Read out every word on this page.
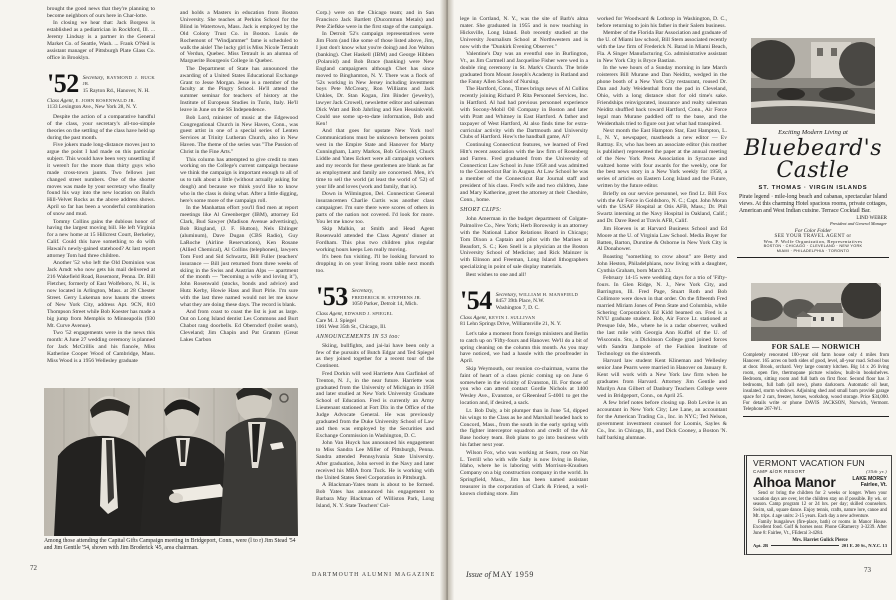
brought the good news that they're planning to become neighbors of ours here in Char-lotte.

In closing we hear that: Jack Borgess is established as a pediatrician in Rockford, Ill. ... Jeremy Lindsay is a partner in the General Market Co. of Seattle, Wash. ... Frank O'Neil is assistant manager of Pittsburgh Plate Glass Co. office in Brooklyn.

'52 Secretary, RAYMOND J. BUCK JR.
15 Rayton Rd., Hanover, N. H.
Class Agent, E. JOHN ROSENWALD JR.
1133 Lexington Ave., New York 28, N. Y.

Despite the action of a comparative handful of the class, your secretary's all-too-simple theories on the settling of the class have held up during the past month.

Five jokers made long-distance moves just to argue the point I had made on this particular subject. This would have been very unsettling if it weren't for the more than thirty guys who made cross-town jaunts. Two fellows just changed street numbers. One of the shorter moves was made by your secretary who finally found his way into the new location on Balch Hill-Velvet Rocks as the above address shows. April so far has been a wonderful combination of snow and mud.

Tommy Collins gains the dubious honor of having the largest moving bill. He left Virginia for a new home at 15 Hillcrest Court, Berkeley, Calif. Could this have something to do with Hawaii's newly-gained statehood? At last report attorney Tom had three children.

Another '52 who left the Old Dominion was Jack Arndt who now gets his mail delivered at 216 Wakefield Road, Rosemont, Penna. Dr. Bill Fletcher, formerly of East Wolfeboro, N. H., is now located in Arlington, Mass. at 28 Chester Street. Gerry Lukeman now haunts the streets of New York City, address Apt. 9CN, 810 Thompson Street while Bob Koester has made a big jump from Memphis to Minneapolis (930 Mt. Curve Avenue).

Two '52 engagements were in the news this month: A June 27 wedding ceremony is planned for Jack McCrillis and his fiancée, Miss Katherine Cooper Wood of Cambridge, Mass. Miss Wood is a 1956 Wellesley graduate

and holds a Masters in education from Boston University. She teaches at Perkins School for the Blind in Watertown, Mass. Jack is employed by the Old Colony Trust Co. in Boston. Louis de Rochemont of "Windjammer" fame is scheduled to walk the aisle! The lucky girl is Miss Nicole Tetrault of Verdun, Quebec. Miss Tetrault is an alumna of Marguerite Bourgeois College in Quebec.

The Department of State has announced the awarding of a United States Educational Exchange Grant to Jesse Morgan. Jesse is a member of the faculty at the Pingry School. He'll attend the summer seminar for teachers of history at the Institute of European Studies in Turin, Italy. He'll leave in June on the SS Independence.

Bob Lord, minister of music at the Edgewood Congregational Church in New Haven, Conn., was guest artist in one of a special series of Lenten Services at Trinity Lutheran Church, also in New Haven. The theme of the series was "The Passion of Christ in the Fine Arts."

This column has attempted to give credit to men working on the College's current campaign because we think the campaign is important enough to all of us to talk about a little (without actually asking for dough) and because we think you'd like to know who in the class is doing what. After a little digging, here's some more of the campaign roll.

In the Manhattan effort you'll find men at report meetings like Al Greenberger (IBM), attorney Ed Clark, Bud Sawyer (Madison Avenue advertising), Bob Ringland, (J. F. Hutton), Nels Ehlinger (aluminum), Dave Dugan (CBS Radio), Guy LaRoche (Airline Reservations), Ken Rosane (Allied Chemical), Al Collins (telephones), lawyers Tom Ford and Sid Schwartz, Bill Fuller (teachers' insurance — Bill just returned from three weeks of skiing in the Swiss and Austrian Alps — apartment of the month — "becoming a wife and loving it"), John Rosenwald (stocks, bonds and advice) and Hutz Kerby, Howie Hass and Burt Pirie. I'm sure with the last three named would not let me know what they are doing these days. The record is blank.

And from coast to coast the list is just as large. Out on Long Island dentist Les Commons and Burt Chabot rang doorbells. Ed Oberndorf (toilet seats), Cleveland; Jim Chapin and Pat Gramm (Great Lakes Carbon

Corp.) were on the Chicago team; and in San Francisco Jack Bartlett (Ducommun Metals) and Pete Ziefkke were in the first stage of the campaign.

In Detroit '52's campaign representatives were Jim Flom (and like some of those listed above, Jim, I just don't know what you're doing) and Jon Walton (banking). Chet Haskell (IBM) and George Hibben (Polaroid) and Bob Brace (banking) were New England campaigners although Chet has since moved to Binghamton, N. Y. There was a flock of '52s working in New Jersey including investment boys Pete McCreary, Ron Williams and Jack Unkles, Dr. Stan Kogan, Jim Binder (jewelry), lawyer Jack Crowell, newsletter editor and salesman Dick Watt and Bob Jahrling and Ken Heusinkveld. Could use some up-to-date information, Bob and Ken!

And that goes for upstate New York too! Communications must be unknown between points west in the Empire State and Hanover for Marty Cunningham, Larry Markos, Bob Griswold, Chuck Liddle and Yates Eckert were all campaign workers and my records for these gentlemen are blank as far as employment and family are concerned. Men, it's time to sell the world (at least the world of '52) of your life and loves (work and family, that is).

Down in Wilmington, Del. Connecticut General insurancemen Charlie Curtis was another class campaigner. I'm sure there were scores of others in parts of the nation not covered. I'd look for more. You let me know too.

Skip Malkin, at Smith and Head Agent Rosenwald attended the Class Agents' dinner at Fordham. This plus two children plus regular working hours keeps Len really moving.

It's been fun visiting. I'll be looking forward to dropping in on your living room table next month too.

'53 Secretary,
FREDERICK H. STEPHENS JR.
1050 Parker, Detroit 14, Mich.
Class Agent, EDWARD J. SPIEGEL
Care M. J. Spiegel
1061 West 35th St., Chicago, Ill.
ANNOUNCEMENTS IN 53 too:

Skiing, bullfights, and jai-lai have been only a few of the pursuits of Butch Edgar and Ted Spiegel as they joined together for a recent tour of the Continent.

Fred Dorkin will wed Harriette Ann Garfinkel of Trenton, N. J., in the near future. Harriette was graduated from the University of Michigan in 1958 and later studied at New York University Graduate School of Education. Fred is currently an Army Lieutenant stationed at Fort Dix in the Office of the Judge Advocate General. He was previously graduated from the Duke University School of Law and then was employed by the Securities and Exchange Commission in Washington, D. C.

John Van Huyck has announced his engagement to Miss Sandra Lee Miller of Pittsburgh, Penna. Sandra attended Pennsylvania State University. After graduation, John served in the Navy and later received his MBA from Tuck. He is working with the United States Steel Corporation in Pittsburgh.

A Blackman-Yates team is about to be formed. Bob Yates has announced his engagement to Barbara May Blackman of Williston Park, Long Island, N. Y. State Teachers' Col-

Among those attending the Capital Gifts Campaign meeting in Bridgeport, Conn., were (l to r) Jim Stead '54 and Jim Gentile '54, shown with Jim Broderick '45, area chairman.

lege in Cortland, N. Y., was the site of Barb's alma mater. She graduated in 1955 and is now teaching in Hicksville, Long Island. Bob recently studied at the University Journalism School at Northwestern and is now with the "Dunkirk Evening Observer."

Valentine's Day was an eventful one in Burlington, Vt., as Jim Cartmell and Jacqueline Fisher were wed in a double ring ceremony in St. Mark's Church. The bride graduated from Mount Joseph's Academy in Rutland and the Fanny Allen School of Nursing.

The Hartford, Conn., Times brings news of Al Collins recently joining Richard P. Rita Personnel Services, Inc. in Hartford. Al had had previous personnel experience with Socony-Mobil Oil Company in Boston and later with Pratt and Whitney in East Hartford. A father and taxpayer of West Hartford, Al also finds time for extra-curricular activity with the Dartmouth and University Clubs of Hartford. How's the handball game, Al?

Continuing Connecticut features, we learned of Fred Hitt's recent association with the law firm of Rosenberg and Farren. Fred graduated from the University of Connecticut Law School in June 1958 and was admitted to the Connecticut Bar in August. At Law School he was a member of the Connecticut Bar Journal staff and president of his class. Fred's wife and two children, Jane and Mary Katherine, greet the attorney at their Cheshire, Conn., home.

SHORT CLIPS:

John Amerman in the budget department of Colgate-Palmolive Co., New York; Herb Borowsky is an attorney with the National Labor Relations Board in Chicago; Tom Dixon a Captain and pilot with the Marines at Beaufort, S. C.; Ken Snell is a physician at the Boston University School of Medicine; and Rick Mainzer is with Elinson and Freeman, Long Island lithographers specializing in point of sale display materials.

Best wishes to one and all!

'54 Secretary, WILLIAM H. MANSFIELD
8457 39th Place, N.W.
Washington 7, D. C.
Class Agent, KEVIN I. SULLIVAN
81 Lehn Springs Drive, Williamsville 21, N. Y.

Let's take a moment from foreign ministers and Berlin to catch up on 'Fifty-fours and Hanover. We'll do a bit of spring cleaning on the column this month. As you may have noticed, we had a hassle with the proofreader in April.

Skip Weymouth, our reunion co-chairman, warns the faint of heart of a class picnic coming up on June 6 somewhere in the vicinity of Evanston, Ill. For those of you who can attend contact Gordie Nichols at 1400 Wesley Ave., Evanston, or GReenleaf 5-4001 to get the location and, if desired, a sack.

Lt. Bob Daly, a bit plumper than in June '54, dipped his wings to the Class as he and Marshall headed back to Concord, Mass., from the south in the early spring with the fighter interceptor squadron and credit of the Air Base hockey team. Bob plans to go into business with his father next year.

Wilson Fox, who was working at Sears, rose on Nat L. Terrill who with wife Sally is now living in Boise, Idaho, where he is laboring with Morrison-Knudsen Company on a big construction company in the world. In Springfield, Mass., Jim has been named assistant treasurer in the corporation of Clark & Friend, a well-known clothing store. Jim

worked for Woodward & Lothrop in Washington, D. C., before returning to join his father in their Salem business.

Member of the Florida Bar Association and graduate of the U. of Miami law school, Bill Stern associated recently with the law firm of Frederick N. Barad in Miami Beach, Fla. A Singer Manufacturing Co. administrative assistant in New York City is Bryce Bastian.

In the wee hours of a Sunday morning in late March roisterers Bill Murane and Dan Neiditz, wedged in the phone booth of a New York City restaurant, roused Dr. Dan and Judy Weidenthal from the pad in Cleveland, Ohio, with a long distance shot for old time's sake. Friendships reinvigorated, insurance and realty salesman Neiditz shuffled back toward Hartford, Conn., Air Force legal man Murane paddled off to the base, and the Weidenthals tried to figure out just what had transpired.

Next month the East Hampton Star, East Hampton, L. I., N. Y., newspaper, mastheads a new editor — Ev Rattray. Ev, who has been an associate editor (his mother is publisher) represented the paper at the annual meeting of the New York Press Association in Syracuse and waltzed home with four awards for the weekly, one for the best news story in a New York weekly for 1958, a series of articles on Eastern Long Island and the Future, written by the future editor.

Briefly on our service personnel, we find Lt. Bill Fox with the Air Force in Goldsboro, N. C.; Capt. John Moran with the USAF Hospital at Otis AFB, Mass.; Dr. Phil Swartz interning at the Navy Hospital in Oakland, Calif.; and Dr. Dave Reed at Travis AFB, Calif.

Jim Hoeven is at Harvard Business School and Ed Moore at the U. of Virginia Law School. Media Buyer for Batten, Barton, Durstine & Osborne in New York City is Al Donahower.

Boasting "something to crow about" are Betty and John Heston, Philadelphians, now living with a daughter, Cynthia Graham, born March 23.

February 14-15 were wedding days for a trio of 'Fifty-fours. In Glen Ridge, N. J., New York City, and Barrington, Ill. Fred Page, Stuart Roth and Bob Collimore were down in that order. On the fifteenth Fred married Miriam Jones of Penn State and Columbia, while Schering Corporation's Ed Kidd beamed on. Fred is a NYU graduate student. Bob, Air Force Lt. stationed at Presque Isle, Me., where he is a radar observer, walked the last mile with Georgia Ann Kuffel of the U. of Wisconsin. Stu, a Dickinson College grad joined forces with Sandra Jampole of the Fashion Institute of Technology on the sixteenth.

Harvard law student Kent Klineman and Wellesley senior Jane Pearrs were married in Hanover on January 8. Kent will work with a New York law firm when he graduates from Harvard. Attorney Jim Gentile and Marilyn Ann Gilbert of Danbury Teachers College were wed in Bridgeport, Conn., on April 25.

A few brief notes before closing up. Bob Levine is an accountant in New York City; Lee Lane, an accountant for the American Trading Co., Inc. in NYC; Ted Nelson, government investment counsel for Loomis, Sayles & Co., Inc. in Chicago, Ill., and Dick Cooney, a Boston 'N. half barking alumnae.

Exciting Modern Living at
Bluebeard's
Castle
ST. THOMAS · VIRGIN ISLANDS
Pirate legend · mile-long beach and cabanas, spectacular Island views. At this charming Hotel spacious rooms, private cottages, American and West Indian cuisine. Terrace Cocktail Bar.
LIND WEBER
President and General Manager
For Color Folder
SEE YOUR TRAVEL AGENT or
Wm. P. Wolfe Organization, Representatives
BOSTON · CHICAGO · CLEVELAND · NEW YORK
MIAMI · PHILADELPHIA · TORONTO
FOR SALE — NORWICH
Completely renovated 100-year old farm house only 4 miles from Hanover. 165 acres on both sides of good, level, all-year road. School bus at door. Brook, orchard. Very large country kitchen. Big 14 x 26 living room, open fire, thermopane picture window, built-in bookshelves. Bedroom, sitting room and full bath on first floor. Second floor has 3 bedrooms, full bath (all new), photo darkroom. Automatic oil heat, insulated, storm windows. Adjoining shed and small barn provide garage space for 2 cars, freezer, horses, workshop, wood storage. Price $34,000. For details write or phone DAVIS JACKSON, Norwich, Vermont. Telephone 267-W1.
VERMONT VACATION FUN
CAMP &/OR RESORT	(35th yr.)
Alhoa Manor	LAKE MOREY
Fairlee, Vt.

Send or bring the children for 2 weeks or longer. When your vacation days are over, let the children stay on if possible. By wk. or season. Camp program 12 or 24 hrs. per day; skilled counselors. Swim, sail, square dance. Enjoy tennis, crafts, nature lore, canoe and Mt. trips. 4 age units: 2-15 years. Each day a new adventure.

Family bungalows (fire-place, bath) or rooms in Manor House. Excellent food. Golf & horses near. Phone GRamercy 3-3239. After June 8: Fairlee, Vt., FEderal 3-4284.

Mrs. Harriet Gulick Pierce
Apt. 2B	201 E. 20 St., N.Y.C. 13
72
DARTMOUTH ALUMNI MAGAZINE	Issue of MAY 1959	73
